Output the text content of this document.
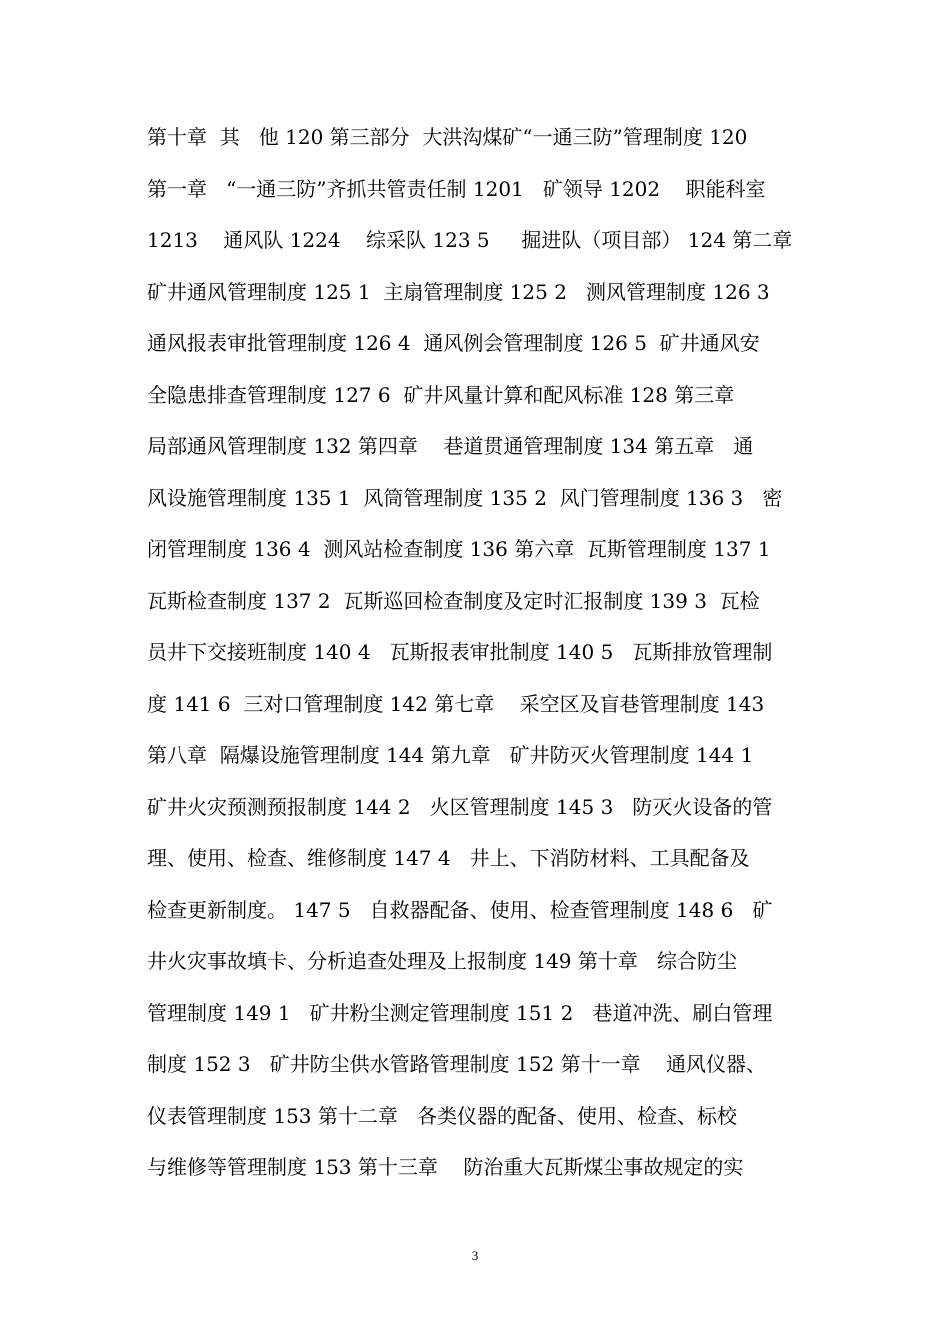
第十章  其   他 120 第三部分  大洪沟煤矿“一通三防”管理制度 120
第一章   “一通三防”齐抓共管责任制 1201   矿领导 1202    职能科室
1213    通风队 1224    综采队 123 5     掘进队（项目部） 124 第二章
矿井通风管理制度 125 1  主扇管理制度 125 2   测风管理制度 126 3
通风报表审批管理制度 126 4  通风例会管理制度 126 5  矿井通风安
全隐患排查管理制度 127 6  矿井风量计算和配风标准 128 第三章
局部通风管理制度 132 第四章    巷道贯通管理制度 134 第五章   通
风设施管理制度 135 1  风筒管理制度 135 2  风门管理制度 136 3   密
闭管理制度 136 4  测风站检查制度 136 第六章  瓦斯管理制度 137 1
瓦斯检查制度 137 2  瓦斯巡回检查制度及定时汇报制度 139 3  瓦检
员井下交接班制度 140 4   瓦斯报表审批制度 140 5   瓦斯排放管理制
度 141 6  三对口管理制度 142 第七章    采空区及盲巷管理制度 143
第八章  隔爆设施管理制度 144 第九章   矿井防灭火管理制度 144 1
矿井火灾预测预报制度 144 2   火区管理制度 145 3   防灭火设备的管
理、使用、检查、维修制度 147 4   井上、下消防材料、工具配备及
检查更新制度。 147 5   自救器配备、使用、检查管理制度 148 6   矿
井火灾事故填卡、分析追查处理及上报制度 149 第十章   综合防尘
管理制度 149 1   矿井粉尘测定管理制度 151 2   巷道冲洗、刷白管理
制度 152 3   矿井防尘供水管路管理制度 152 第十一章    通风仪器、
仪表管理制度 153 第十二章   各类仪器的配备、使用、检查、标校
与维修等管理制度 153 第十三章    防治重大瓦斯煤尘事故规定的实
3
